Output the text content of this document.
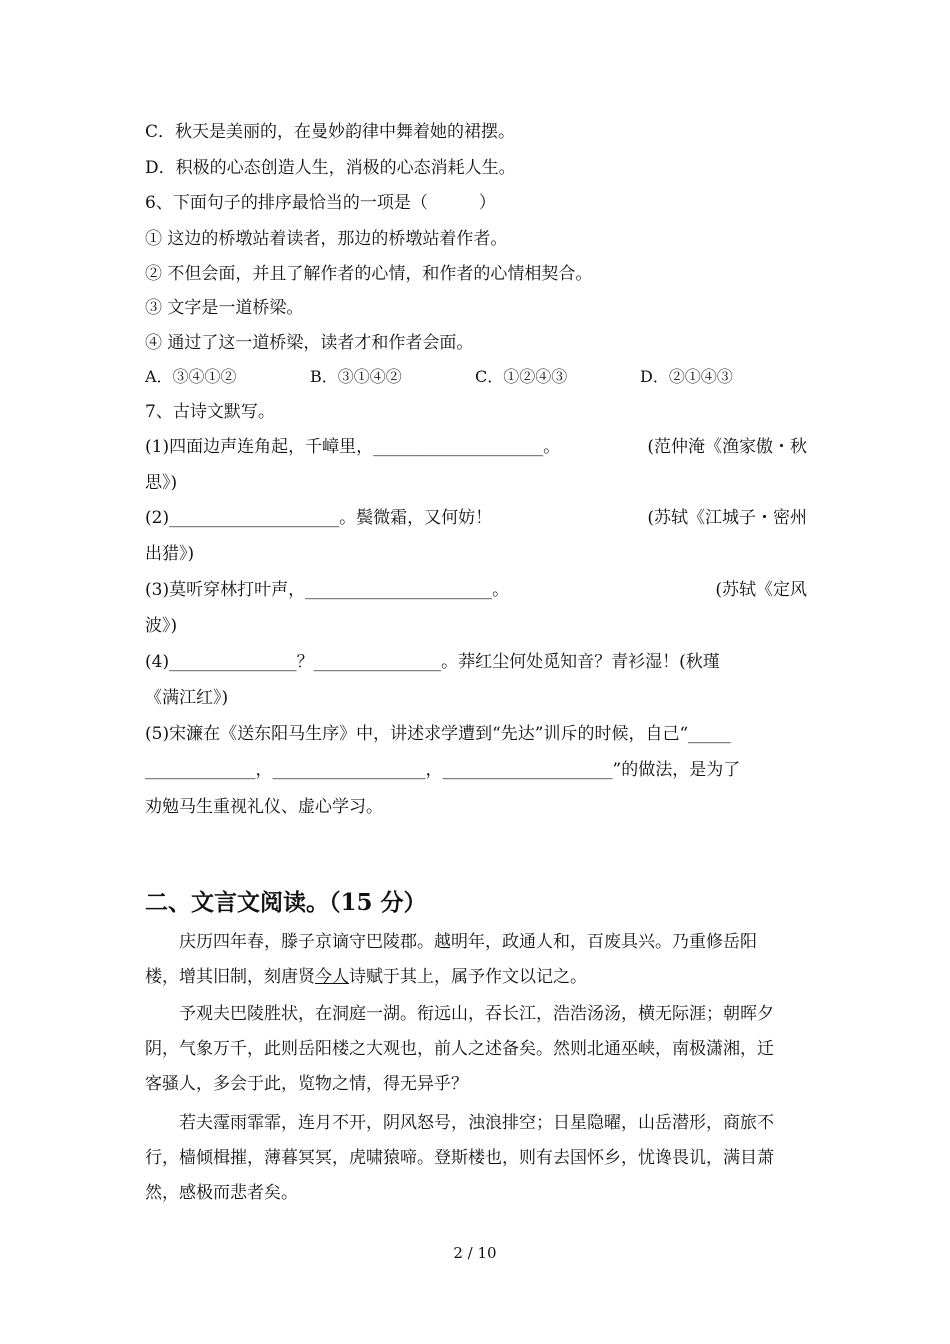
C．秋天是美丽的，在曼妙韵律中舞着她的裙摆。
D．积极的心态创造人生，消极的心态消耗人生。
6、下面句子的排序最恰当的一项是（　　　）
① 这边的桥墩站着读者，那边的桥墩站着作者。
② 不但会面，并且了解作者的心情，和作者的心情相契合。
③ 文字是一道桥梁。
④ 通过了这一道桥梁，读者才和作者会面。
A．③④①②	B．③①④②	C．①②④③	D．②①④③
7、古诗文默写。
(1)四面边声连角起，千嶂里，____________________。	(范仲淹《渔家傲・秋
思》)
(2)____________________。鬓微霜，又何妨！	(苏轼《江城子・密州
出猎》)
(3)莫听穿林打叶声，______________________。	(苏轼《定风
波》)
(4)_______________？_______________。莽红尘何处觅知音？青衫湿！(秋瑾
《满江红》)
(5)宋濂在《送东阳马生序》中，讲述求学遭到“先达”训斥的时候，自己“_____
_____________，__________________，____________________”的做法，是为了
劝勉马生重视礼仪、虚心学习。
二、文言文阅读。（15 分）
庆历四年春，滕子京谪守巴陵郡。越明年，政通人和，百废具兴。乃重修岳阳
楼，增其旧制，刻唐贤今人诗赋于其上，属予作文以记之。
予观夫巴陵胜状，在洞庭一湖。衔远山，吞长江，浩浩汤汤，横无际涯；朝晖夕
阴，气象万千，此则岳阳楼之大观也，前人之述备矣。然则北通巫峡，南极潇湘，迁
客骚人，多会于此，览物之情，得无异乎？
若夫霪雨霏霏，连月不开，阴风怒号，浊浪排空；日星隐曜，山岳潜形，商旅不
行，樯倾楫摧，薄暮冥冥，虎啸猿啼。登斯楼也，则有去国怀乡，忧谗畏讥，满目萧
然，感极而悲者矣。
2 / 10
